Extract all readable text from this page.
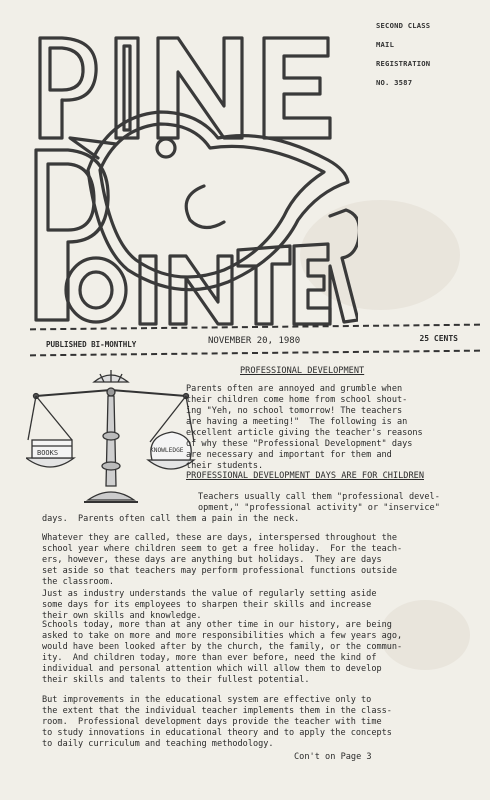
SECOND CLASS
MAIL
REGISTRATION
NO. 3587
PUBLISHED BI-MONTHLY	NOVEMBER 20, 1980	25 CENTS
BOOKS	KNOWLEDGE
PROFESSIONAL DEVELOPMENT
Parents often are annoyed and grumble when
their children come home from school shout-
ing "Yeh, no school tomorrow! The teachers
are having a meeting!"  The following is an
excellent article giving the teacher's reasons
of why these "Professional Development" days
are necessary and important for them and
their students.
PROFESSIONAL DEVELOPMENT DAYS ARE FOR CHILDREN
Teachers usually call them "professional devel-
opment," "professional activity" or "inservice"
days.  Parents often call them a pain in the neck.
Whatever they are called, these are days, interspersed throughout the
school year where children seem to get a free holiday.  For the teach-
ers, however, these days are anything but holidays.  They are days
set aside so that teachers may perform professional functions outside
the classroom.
Just as industry understands the value of regularly setting aside
some days for its employees to sharpen their skills and increase
their own skills and knowledge.
Schools today, more than at any other time in our history, are being
asked to take on more and more responsibilities which a few years ago,
would have been looked after by the church, the family, or the commun-
ity.  And children today, more than ever before, need the kind of
individual and personal attention which will allow them to develop
their skills and talents to their fullest potential.
But improvements in the educational system are effective only to
the extent that the individual teacher implements them in the class-
room.  Professional development days provide the teacher with time
to study innovations in educational theory and to apply the concepts
to daily curriculum and teaching methodology.
Con't on Page 3
